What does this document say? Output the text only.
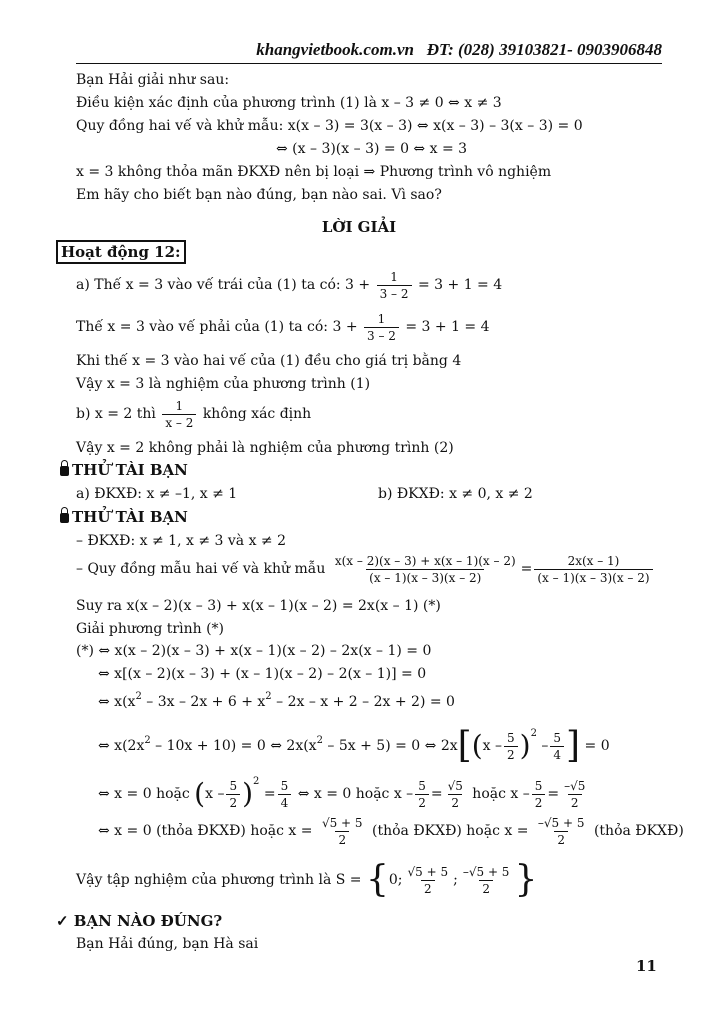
khangvietbook.com.vn ĐT: (028) 39103821- 0903906848
Bạn Hải giải như sau:
Điều kiện xác định của phương trình (1) là x – 3 ≠ 0 ⇔ x ≠ 3
Quy đồng hai vế và khử mẫu: x(x – 3) = 3(x – 3) ⇔ x(x – 3) – 3(x – 3) = 0
⇔ (x – 3)(x – 3) = 0 ⇔ x = 3
x = 3 không thỏa mãn ĐKXĐ nên bị loại ⇒ Phương trình vô nghiệm
Em hãy cho biết bạn nào đúng, bạn nào sai. Vì sao?
LỜI GIẢI
Hoạt động 12:
a) Thế x = 3 vào vế trái của (1) ta có: $3 + \frac{1}{3 - 2} = 3 + 1 = 4$
Thế x = 3 vào vế phải của (1) ta có: $3 + \frac{1}{3 - 2} = 3 + 1 = 4$
Khi thế x = 3 vào hai vế của (1) đều cho giá trị bằng 4
Vậy x = 3 là nghiệm của phương trình (1)
b) x = 2 thì $\frac{1}{x - 2}$ không xác định
Vậy x = 2 không phải là nghiệm của phương trình (2)
THỬ TÀI BẠN
a) ĐKXĐ: x ≠ –1, x ≠ 1	b) ĐKXĐ: x ≠ 0, x ≠ 2
THỬ TÀI BẠN
– ĐKXĐ: x ≠ 1, x ≠ 3 và x ≠ 2
– Quy đồng mẫu hai vế và khử mẫu $\frac{x(x - 2)(x - 3) + x(x - 1)(x - 2)}{(x - 1)(x - 3)(x - 2)} = \frac{2x(x - 1)}{(x - 1)(x - 3)(x - 2)}$
Suy ra x(x – 2)(x – 3) + x(x – 1)(x – 2) = 2x(x – 1) (*)
Giải phương trình (*)
(*) ⇔ x(x – 2)(x – 3) + x(x – 1)(x – 2) – 2x(x – 1) = 0
⇔ x[(x – 2)(x – 3) + (x – 1)(x – 2) – 2(x – 1)] = 0
⇔ $x(x^2 - 3x - 2x + 6 + x^2 - 2x - x + 2 - 2x + 2) = 0$
⇔ $x(2x^2 - 10x + 10) = 0$ ⇔ $2x(x^2 - 5x + 5) = 0$ ⇔ $2x[(x - \frac{5}{2} )^2 - \frac{5}{4}$ ] = 0
⇔ x = 0 hoặc $(x - \frac{5}{2} )^2 = \frac{5}{4}$ ⇔ x = 0 hoặc $x - \frac{5}{2} = \frac{√5}{2}$ hoặc $x - \frac{5}{2} = \frac{-√5}{2}$
⇔ x = 0 (thỏa ĐKXĐ) hoặc $x = \frac{√5 + 5}{2}$ (thỏa ĐKXĐ) hoặc $x = \frac{-√5 + 5}{2}$ (thỏa ĐKXĐ)
Vậy tập nghiệm của phương trình là S = {0; $\frac{√5 + 5}{2}$ ; $\frac{-√5 + 5}{2}$ }
✓ BẠN NÀO ĐÚNG?
Bạn Hải đúng, bạn Hà sai
11
